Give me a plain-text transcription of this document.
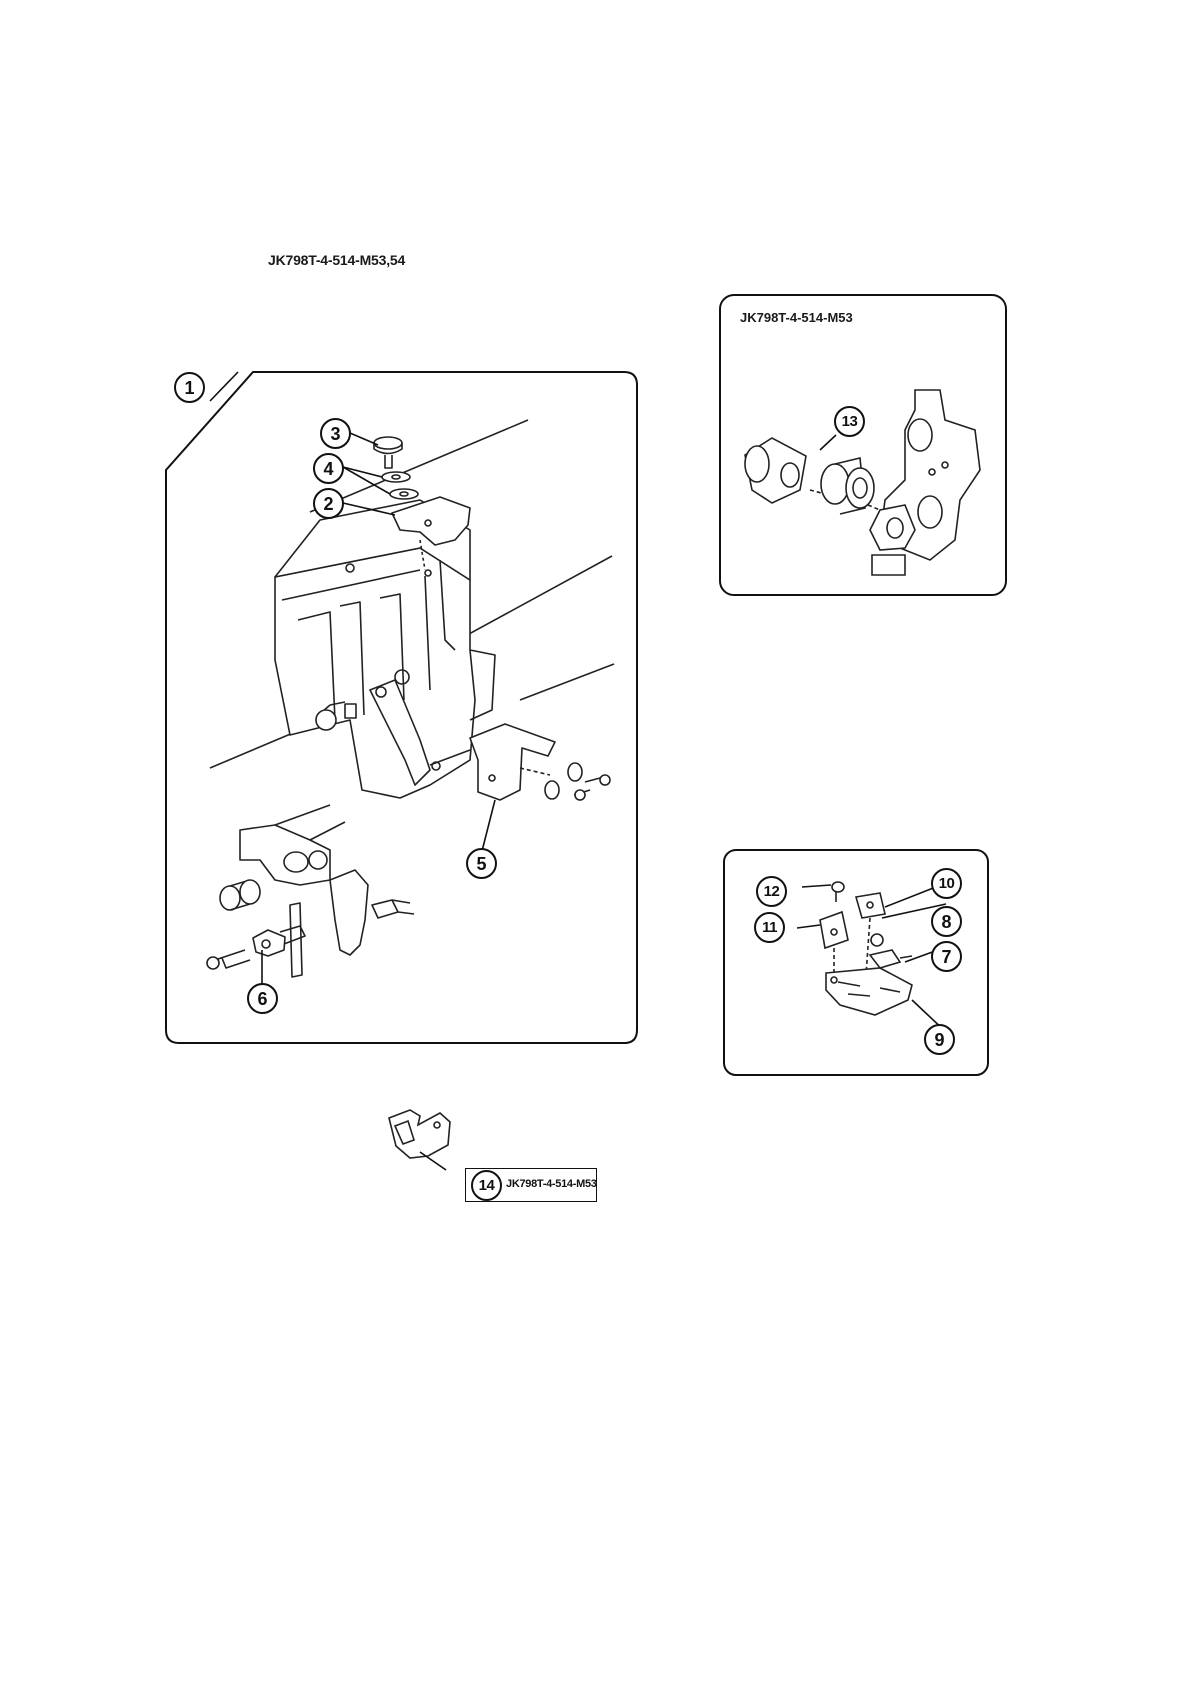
JK798T-4-514-M53,54
JK798T-4-514-M53
1
3
4
2
5
6
13
12	10
11	8
7
9
14	JK798T-4-514-M53
